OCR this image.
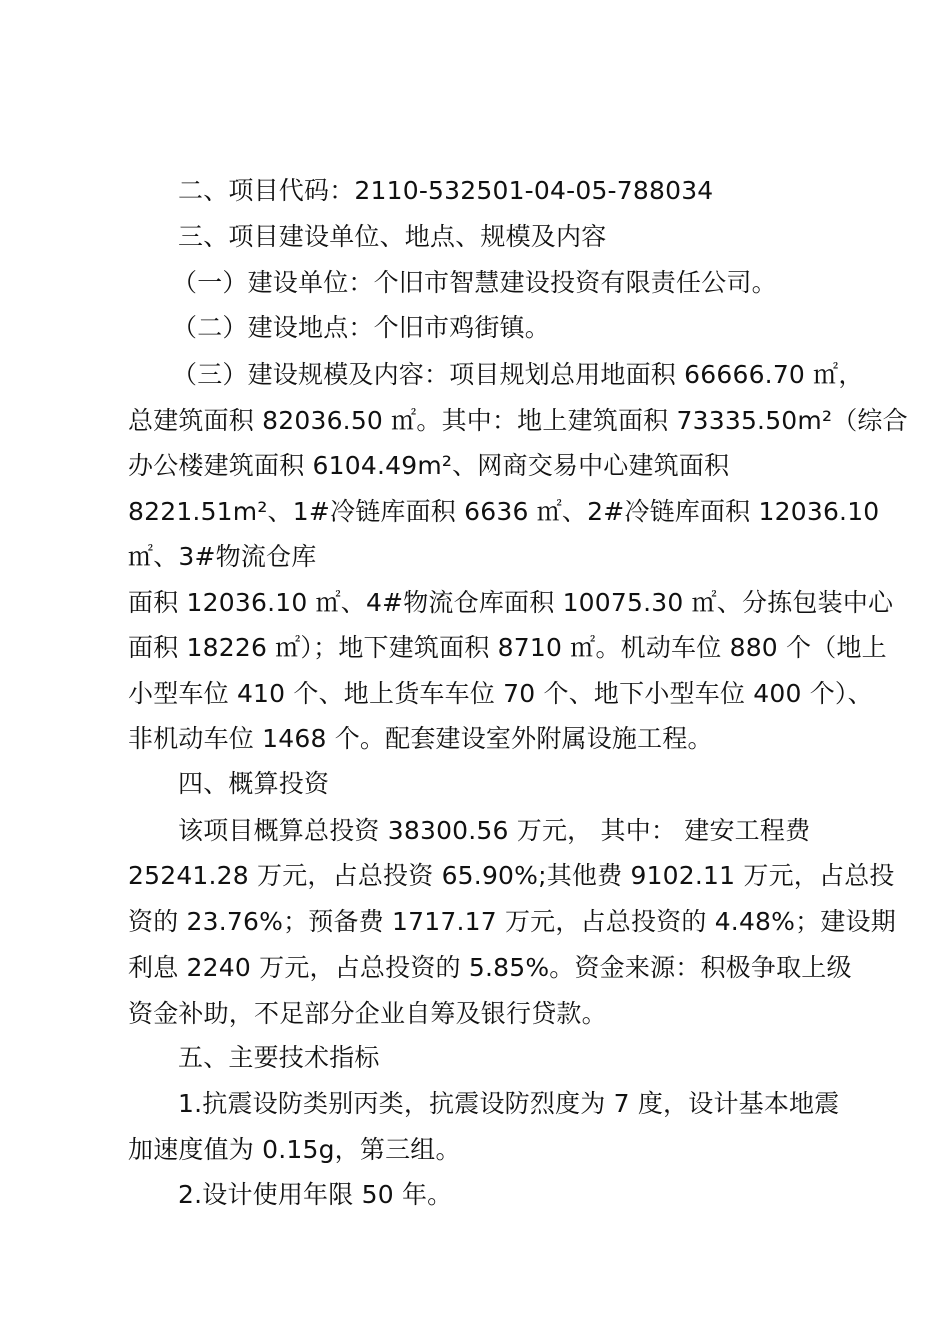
二、项目代码：2110-532501-04-05-788034
三、项目建设单位、地点、规模及内容
（一）建设单位：个旧市智慧建设投资有限责任公司。
（二）建设地点：个旧市鸡街镇。
（三）建设规模及内容：项目规划总用地面积 66666.70 ㎡，
总建筑面积 82036.50 ㎡。其中：地上建筑面积 73335.50m²（综合
办公楼建筑面积 6104.49m²、网商交易中心建筑面积
8221.51m²、1#冷链库面积 6636 ㎡、2#冷链库面积 12036.10
㎡、3#物流仓库
面积 12036.10 ㎡、4#物流仓库面积 10075.30 ㎡、分拣包装中心
面积 18226 ㎡）；地下建筑面积 8710 ㎡。机动车位 880 个（地上
小型车位 410 个、地上货车车位 70 个、地下小型车位 400 个）、
非机动车位 1468 个。配套建设室外附属设施工程。
四、概算投资
该项目概算总投资 38300.56 万元， 其中： 建安工程费
25241.28 万元，占总投资 65.90%;其他费 9102.11 万元，占总投
资的 23.76%；预备费 1717.17 万元，占总投资的 4.48%；建设期
利息 2240 万元，占总投资的 5.85%。资金来源：积极争取上级
资金补助，不足部分企业自筹及银行贷款。
五、主要技术指标
1.抗震设防类别丙类，抗震设防烈度为 7 度，设计基本地震
加速度值为 0.15g，第三组。
2.设计使用年限 50 年。
